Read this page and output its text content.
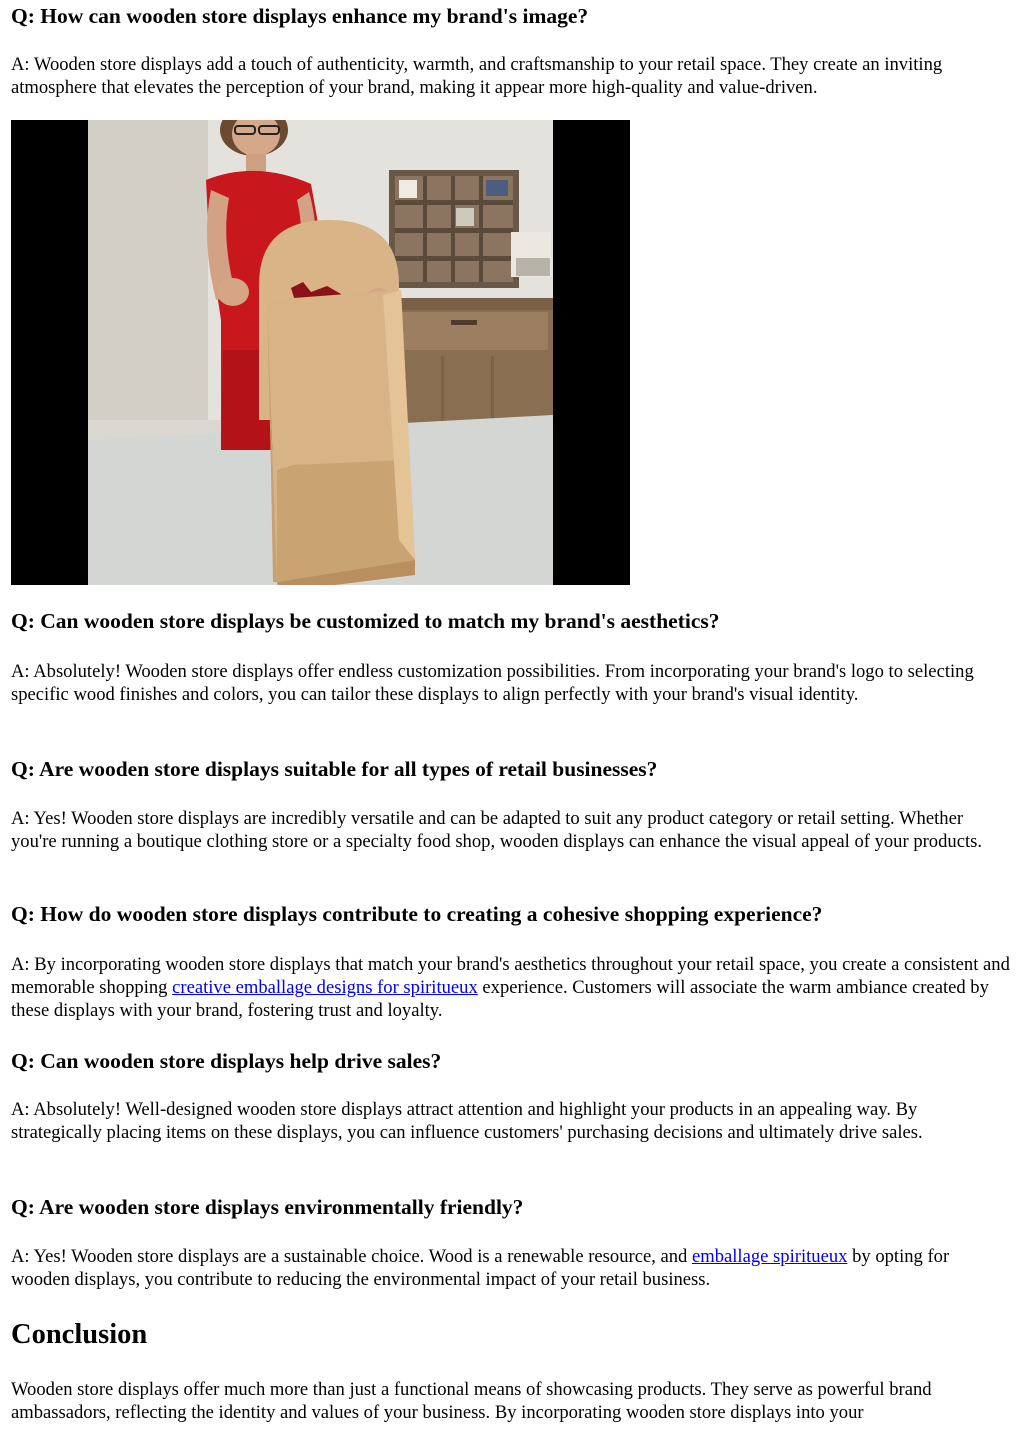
Q: How can wooden store displays enhance my brand's image?

A: Wooden store displays add a touch of authenticity, warmth, and craftsmanship to your retail space. They create an inviting atmosphere that elevates the perception of your brand, making it appear more high-quality and value-driven.

Q: Can wooden store displays be customized to match my brand's aesthetics?

A: Absolutely! Wooden store displays offer endless customization possibilities. From incorporating your brand's logo to selecting specific wood finishes and colors, you can tailor these displays to align perfectly with your brand's visual identity.

Q: Are wooden store displays suitable for all types of retail businesses?

A: Yes! Wooden store displays are incredibly versatile and can be adapted to suit any product category or retail setting. Whether you're running a boutique clothing store or a specialty food shop, wooden displays can enhance the visual appeal of your products.

Q: How do wooden store displays contribute to creating a cohesive shopping experience?

A: By incorporating wooden store displays that match your brand's aesthetics throughout your retail space, you create a consistent and memorable shopping creative emballage designs for spiritueux experience. Customers will associate the warm ambiance created by these displays with your brand, fostering trust and loyalty.

Q: Can wooden store displays help drive sales?

A: Absolutely! Well-designed wooden store displays attract attention and highlight your products in an appealing way. By strategically placing items on these displays, you can influence customers' purchasing decisions and ultimately drive sales.

Q: Are wooden store displays environmentally friendly?

A: Yes! Wooden store displays are a sustainable choice. Wood is a renewable resource, and emballage spiritueux by opting for wooden displays, you contribute to reducing the environmental impact of your retail business.

Conclusion

Wooden store displays offer much more than just a functional means of showcasing products. They serve as powerful brand ambassadors, reflecting the identity and values of your business. By incorporating wooden store displays into your
